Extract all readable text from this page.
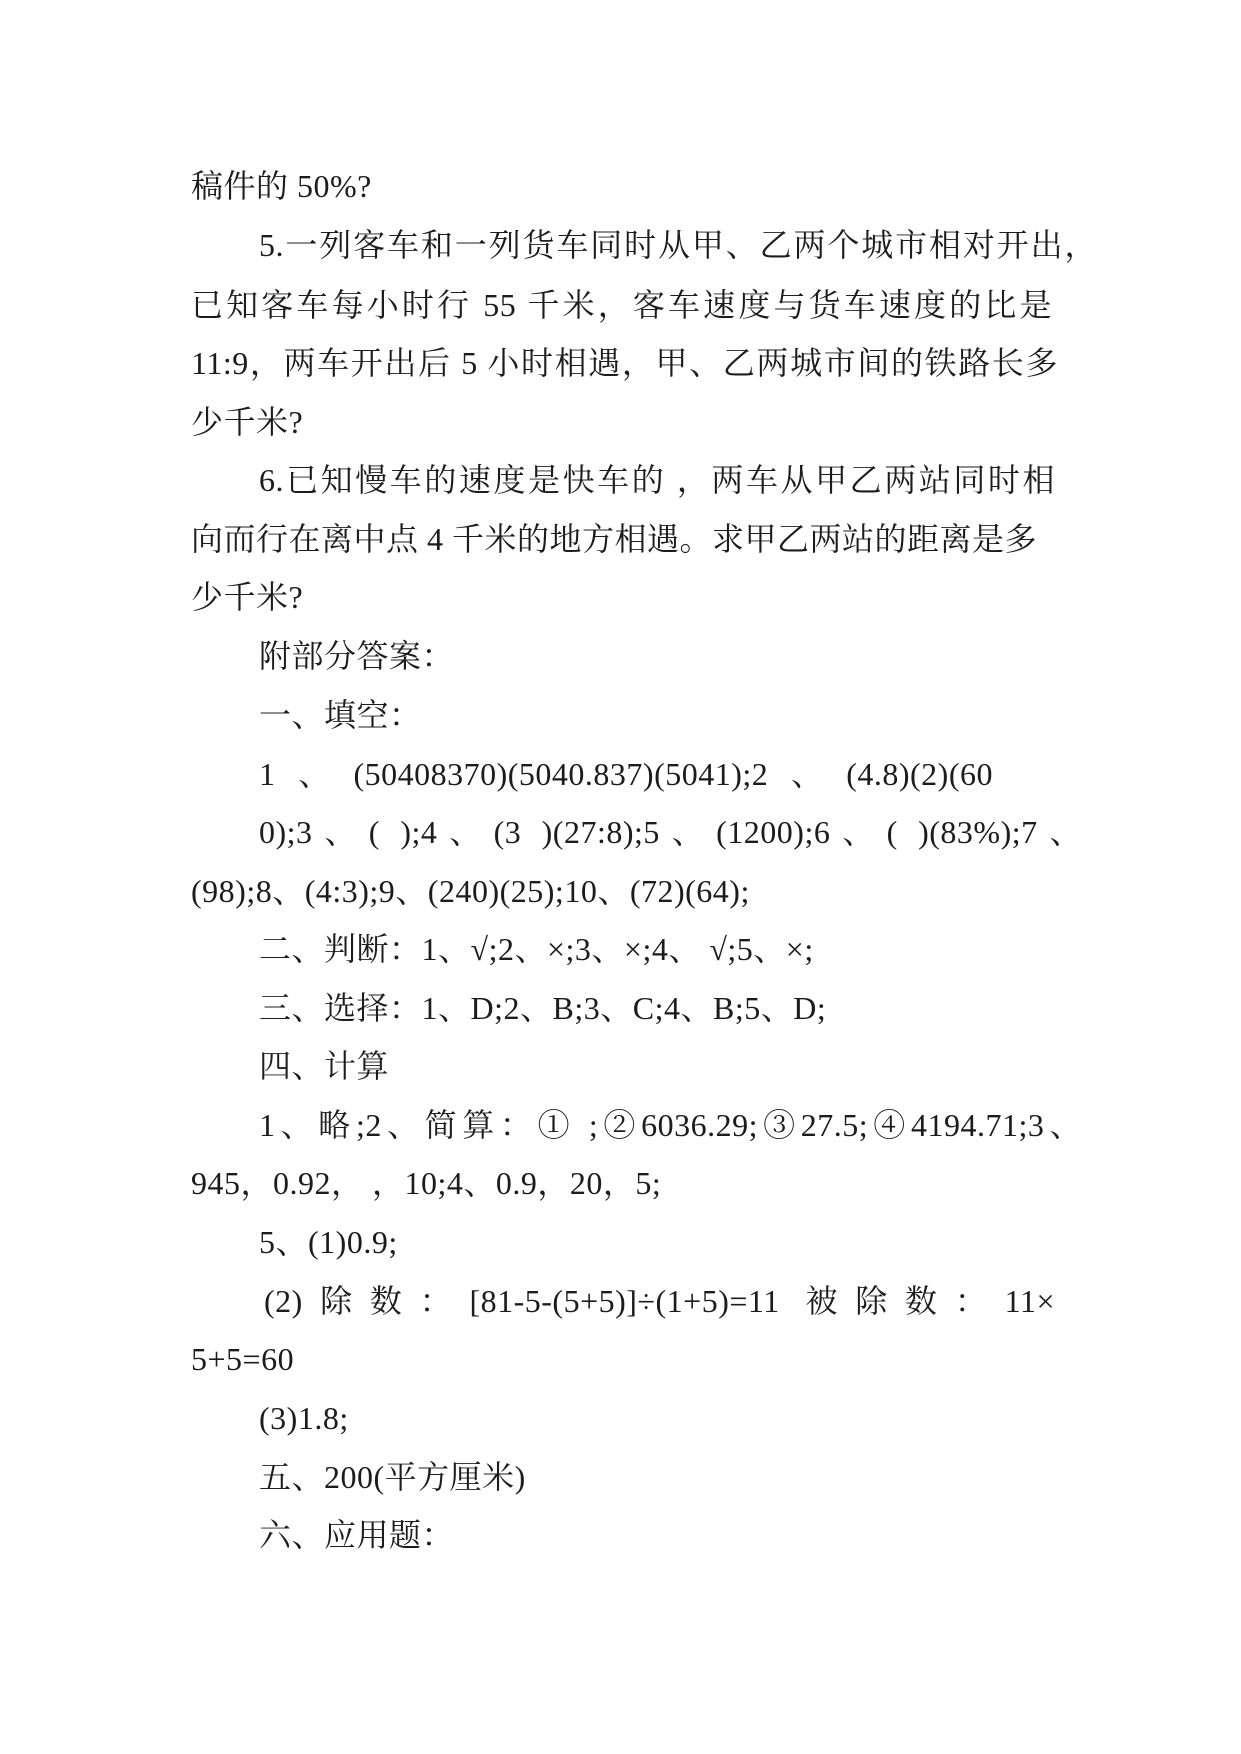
稿件的 50%?
5.一列客车和一列货车同时从甲、乙两个城市相对开出，
已知客车每小时行 55 千米，客车速度与货车速度的比是
11:9，两车开出后 5 小时相遇，甲、乙两城市间的铁路长多
少千米?
6.已知慢车的速度是快车的 ，两车从甲乙两站同时相
向而行在离中点 4 千米的地方相遇。求甲乙两站的距离是多
少千米?
附部分答案：
一、填空：
1、(50408370)(5040.837)(5041);2、(4.8)(2)(60
0);3、( );4、(3 )(27:8);5、(1200);6、( )(83%);7、
(98);8、(4:3);9、(240)(25);10、(72)(64);
二、判断：1、√;2、×;3、×;4、 √;5、×;
三、选择：1、D;2、B;3、C;4、B;5、D;
四、计算
1、略;2、简算：① ;②6036.29;③27.5;④4194.71;3、
945，0.92， ，10;4、0.9，20，5;
5、(1)0.9;
(2)除数：[81-5-(5+5)]÷(1+5)=11 被除数：11×
5+5=60
(3)1.8;
五、200(平方厘米)
六、应用题：
